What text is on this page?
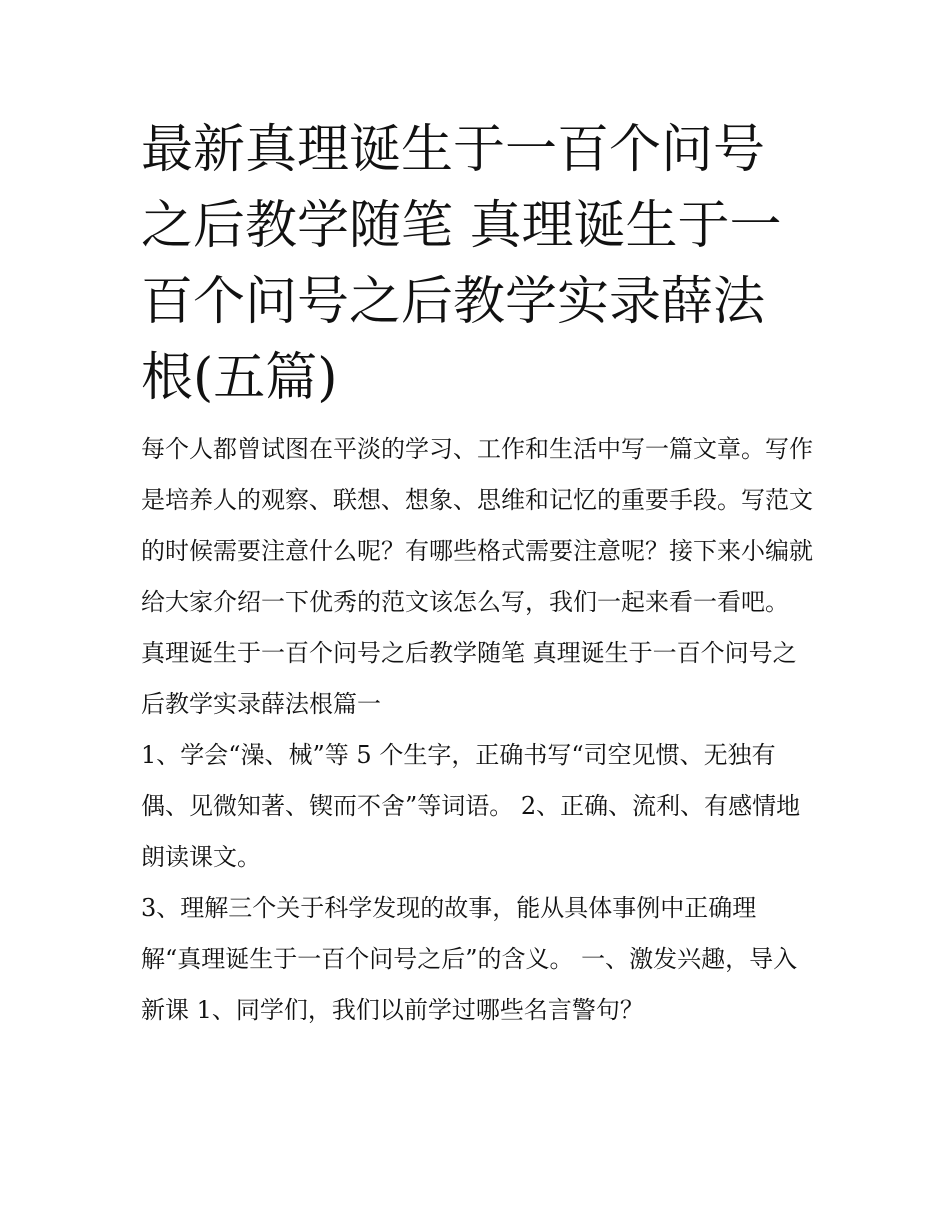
最新真理诞生于一百个问号之后教学随笔 真理诞生于一百个问号之后教学实录薛法根(五篇)

每个人都曾试图在平淡的学习、工作和生活中写一篇文章。写作是培养人的观察、联想、想象、思维和记忆的重要手段。写范文的时候需要注意什么呢？有哪些格式需要注意呢？接下来小编就给大家介绍一下优秀的范文该怎么写，我们一起来看一看吧。

真理诞生于一百个问号之后教学随笔 真理诞生于一百个问号之后教学实录薛法根篇一

1、学会“澡、械”等 5 个生字，正确书写“司空见惯、无独有偶、见微知著、锲而不舍”等词语。 2、正确、流利、有感情地朗读课文。

3、理解三个关于科学发现的故事，能从具体事例中正确理解“真理诞生于一百个问号之后”的含义。 一、激发兴趣，导入新课 1、同学们，我们以前学过哪些名言警句？
